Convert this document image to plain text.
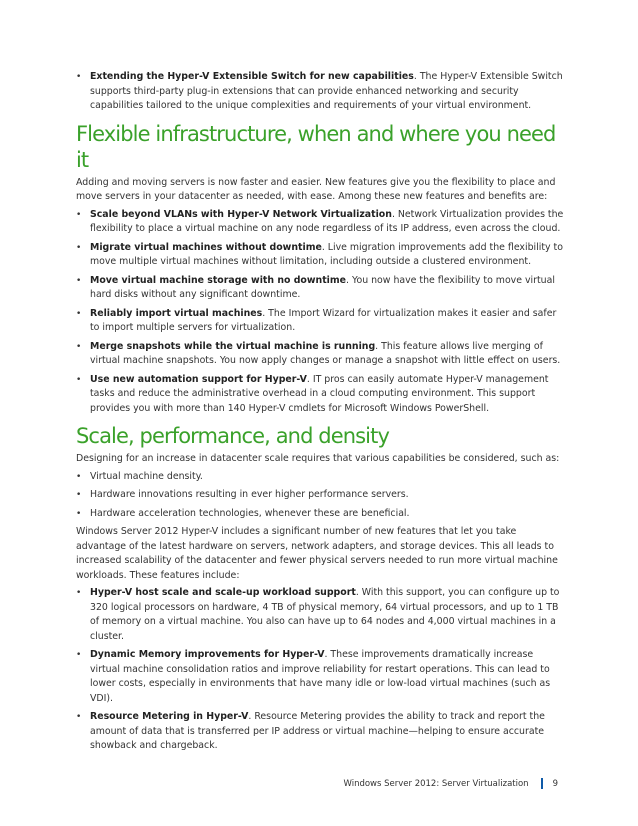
• Extending the Hyper-V Extensible Switch for new capabilities. The Hyper-V Extensible Switch supports third-party plug-in extensions that can provide enhanced networking and security capabilities tailored to the unique complexities and requirements of your virtual environment.
Flexible infrastructure, when and where you need it

Adding and moving servers is now faster and easier. New features give you the flexibility to place and move servers in your datacenter as needed, with ease. Among these new features and benefits are:

• Scale beyond VLANs with Hyper-V Network Virtualization. Network Virtualization provides the flexibility to place a virtual machine on any node regardless of its IP address, even across the cloud.
• Migrate virtual machines without downtime. Live migration improvements add the flexibility to move multiple virtual machines without limitation, including outside a clustered environment.
• Move virtual machine storage with no downtime. You now have the flexibility to move virtual hard disks without any significant downtime.
• Reliably import virtual machines. The Import Wizard for virtualization makes it easier and safer to import multiple servers for virtualization.
• Merge snapshots while the virtual machine is running. This feature allows live merging of virtual machine snapshots. You now apply changes or manage a snapshot with little effect on users.
• Use new automation support for Hyper-V. IT pros can easily automate Hyper-V management tasks and reduce the administrative overhead in a cloud computing environment. This support provides you with more than 140 Hyper-V cmdlets for Microsoft Windows PowerShell.
Scale, performance, and density

Designing for an increase in datacenter scale requires that various capabilities be considered, such as:

• Virtual machine density.
• Hardware innovations resulting in ever higher performance servers.
• Hardware acceleration technologies, whenever these are beneficial.

Windows Server 2012 Hyper-V includes a significant number of new features that let you take advantage of the latest hardware on servers, network adapters, and storage devices. This all leads to increased scalability of the datacenter and fewer physical servers needed to run more virtual machine workloads. These features include:

• Hyper-V host scale and scale-up workload support. With this support, you can configure up to 320 logical processors on hardware, 4 TB of physical memory, 64 virtual processors, and up to 1 TB of memory on a virtual machine. You also can have up to 64 nodes and 4,000 virtual machines in a cluster.
• Dynamic Memory improvements for Hyper-V. These improvements dramatically increase virtual machine consolidation ratios and improve reliability for restart operations. This can lead to lower costs, especially in environments that have many idle or low-load virtual machines (such as VDI).
• Resource Metering in Hyper-V. Resource Metering provides the ability to track and report the amount of data that is transferred per IP address or virtual machine—helping to ensure accurate showback and chargeback.
Windows Server 2012: Server Virtualization	9
